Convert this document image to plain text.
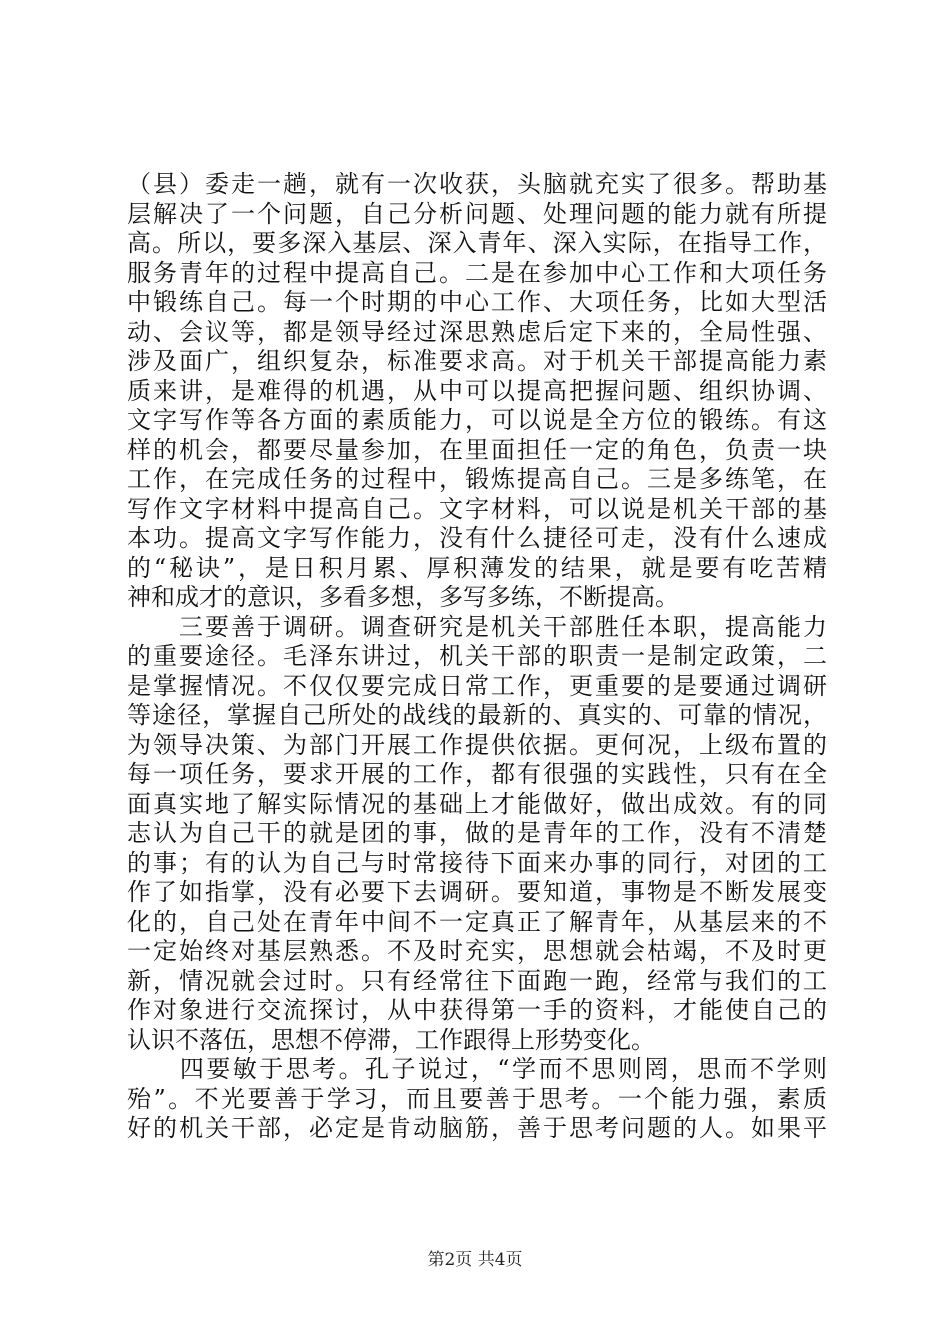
（县）委走一趟，就有一次收获，头脑就充实了很多。帮助基
层解决了一个问题，自己分析问题、处理问题的能力就有所提
高。所以，要多深入基层、深入青年、深入实际，在指导工作，
服务青年的过程中提高自己。二是在参加中心工作和大项任务
中锻练自己。每一个时期的中心工作、大项任务，比如大型活
动、会议等，都是领导经过深思熟虑后定下来的，全局性强、
涉及面广，组织复杂，标准要求高。对于机关干部提高能力素
质来讲，是难得的机遇，从中可以提高把握问题、组织协调、
文字写作等各方面的素质能力，可以说是全方位的锻练。有这
样的机会，都要尽量参加，在里面担任一定的角色，负责一块
工作，在完成任务的过程中，锻炼提高自己。三是多练笔，在
写作文字材料中提高自己。文字材料，可以说是机关干部的基
本功。提高文字写作能力，没有什么捷径可走，没有什么速成
的“秘诀”，是日积月累、厚积薄发的结果，就是要有吃苦精
神和成才的意识，多看多想，多写多练，不断提高。
　　三要善于调研。调查研究是机关干部胜任本职，提高能力
的重要途径。毛泽东讲过，机关干部的职责一是制定政策，二
是掌握情况。不仅仅要完成日常工作，更重要的是要通过调研
等途径，掌握自己所处的战线的最新的、真实的、可靠的情况，
为领导决策、为部门开展工作提供依据。更何况，上级布置的
每一项任务，要求开展的工作，都有很强的实践性，只有在全
面真实地了解实际情况的基础上才能做好，做出成效。有的同
志认为自己干的就是团的事，做的是青年的工作，没有不清楚
的事；有的认为自己与时常接待下面来办事的同行，对团的工
作了如指掌，没有必要下去调研。要知道，事物是不断发展变
化的，自己处在青年中间不一定真正了解青年，从基层来的不
一定始终对基层熟悉。不及时充实，思想就会枯竭，不及时更
新，情况就会过时。只有经常往下面跑一跑，经常与我们的工
作对象进行交流探讨，从中获得第一手的资料，才能使自己的
认识不落伍，思想不停滞，工作跟得上形势变化。
　　四要敏于思考。孔子说过，“学而不思则罔，思而不学则
殆”。不光要善于学习，而且要善于思考。一个能力强，素质
好的机关干部，必定是肯动脑筋，善于思考问题的人。如果平
第2页 共4页
